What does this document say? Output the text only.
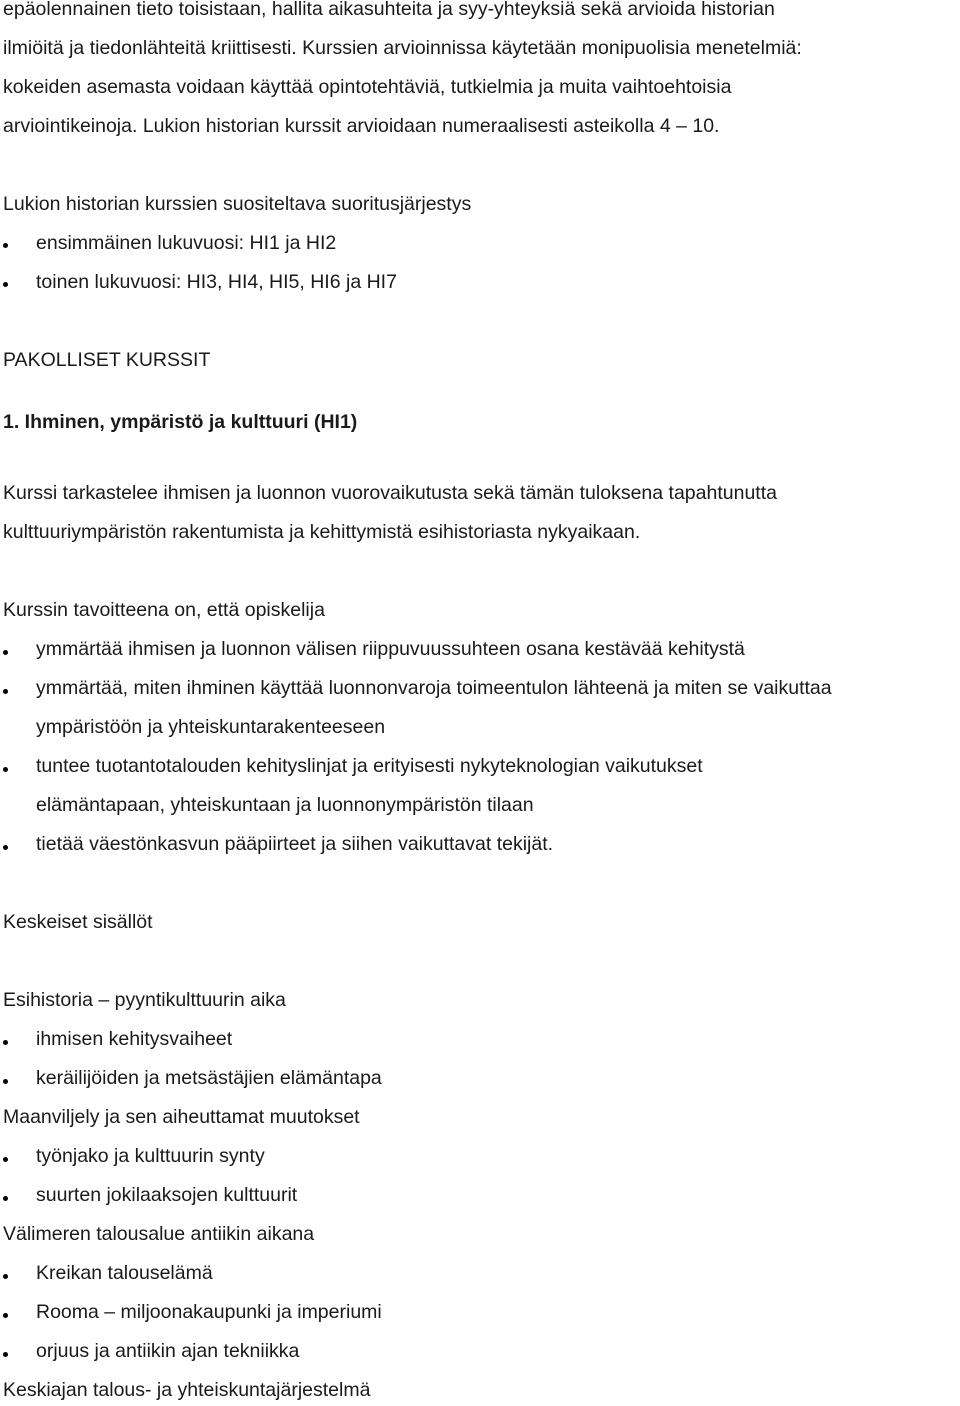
epäolennainen tieto toisistaan, hallita aikasuhteita ja syy-yhteyksiä sekä arvioida historian
ilmiöitä ja tiedonlähteitä kriittisesti. Kurssien arvioinnissa käytetään monipuolisia menetelmiä:
kokeiden asemasta voidaan käyttää opintotehtäviä, tutkielmia ja muita vaihtoehtoisia
arviointikeinoja. Lukion historian kurssit arvioidaan numeraalisesti asteikolla 4 – 10.
Lukion historian kurssien suositeltava suoritusjärjestys
ensimmäinen lukuvuosi: HI1 ja HI2
toinen lukuvuosi: HI3, HI4, HI5, HI6 ja HI7
PAKOLLISET KURSSIT
1. Ihminen, ympäristö ja kulttuuri (HI1)
Kurssi tarkastelee ihmisen ja luonnon vuorovaikutusta sekä tämän tuloksena tapahtunutta
kulttuuriympäristön rakentumista ja kehittymistä esihistoriasta nykyaikaan.
Kurssin tavoitteena on, että opiskelija
ymmärtää ihmisen ja luonnon välisen riippuvuussuhteen osana kestävää kehitystä
ymmärtää, miten ihminen käyttää luonnonvaroja toimeentulon lähteenä ja miten se vaikuttaa
ympäristöön ja yhteiskuntarakenteeseen
tuntee tuotantotalouden kehityslinjat ja erityisesti nykyteknologian vaikutukset
elämäntapaan, yhteiskuntaan ja luonnonympäristön tilaan
tietää väestönkasvun pääpiirteet ja siihen vaikuttavat tekijät.
Keskeiset sisällöt
Esihistoria – pyyntikulttuurin aika
ihmisen kehitysvaiheet
keräilijöiden ja metsästäjien elämäntapa
Maanviljely ja sen aiheuttamat muutokset
työnjako ja kulttuurin synty
suurten jokilaaksojen kulttuurit
Välimeren talousalue antiikin aikana
Kreikan talouselämä
Rooma – miljoonakaupunki ja imperiumi
orjuus ja antiikin ajan tekniikka
Keskiajan talous- ja yhteiskuntajärjestelmä
